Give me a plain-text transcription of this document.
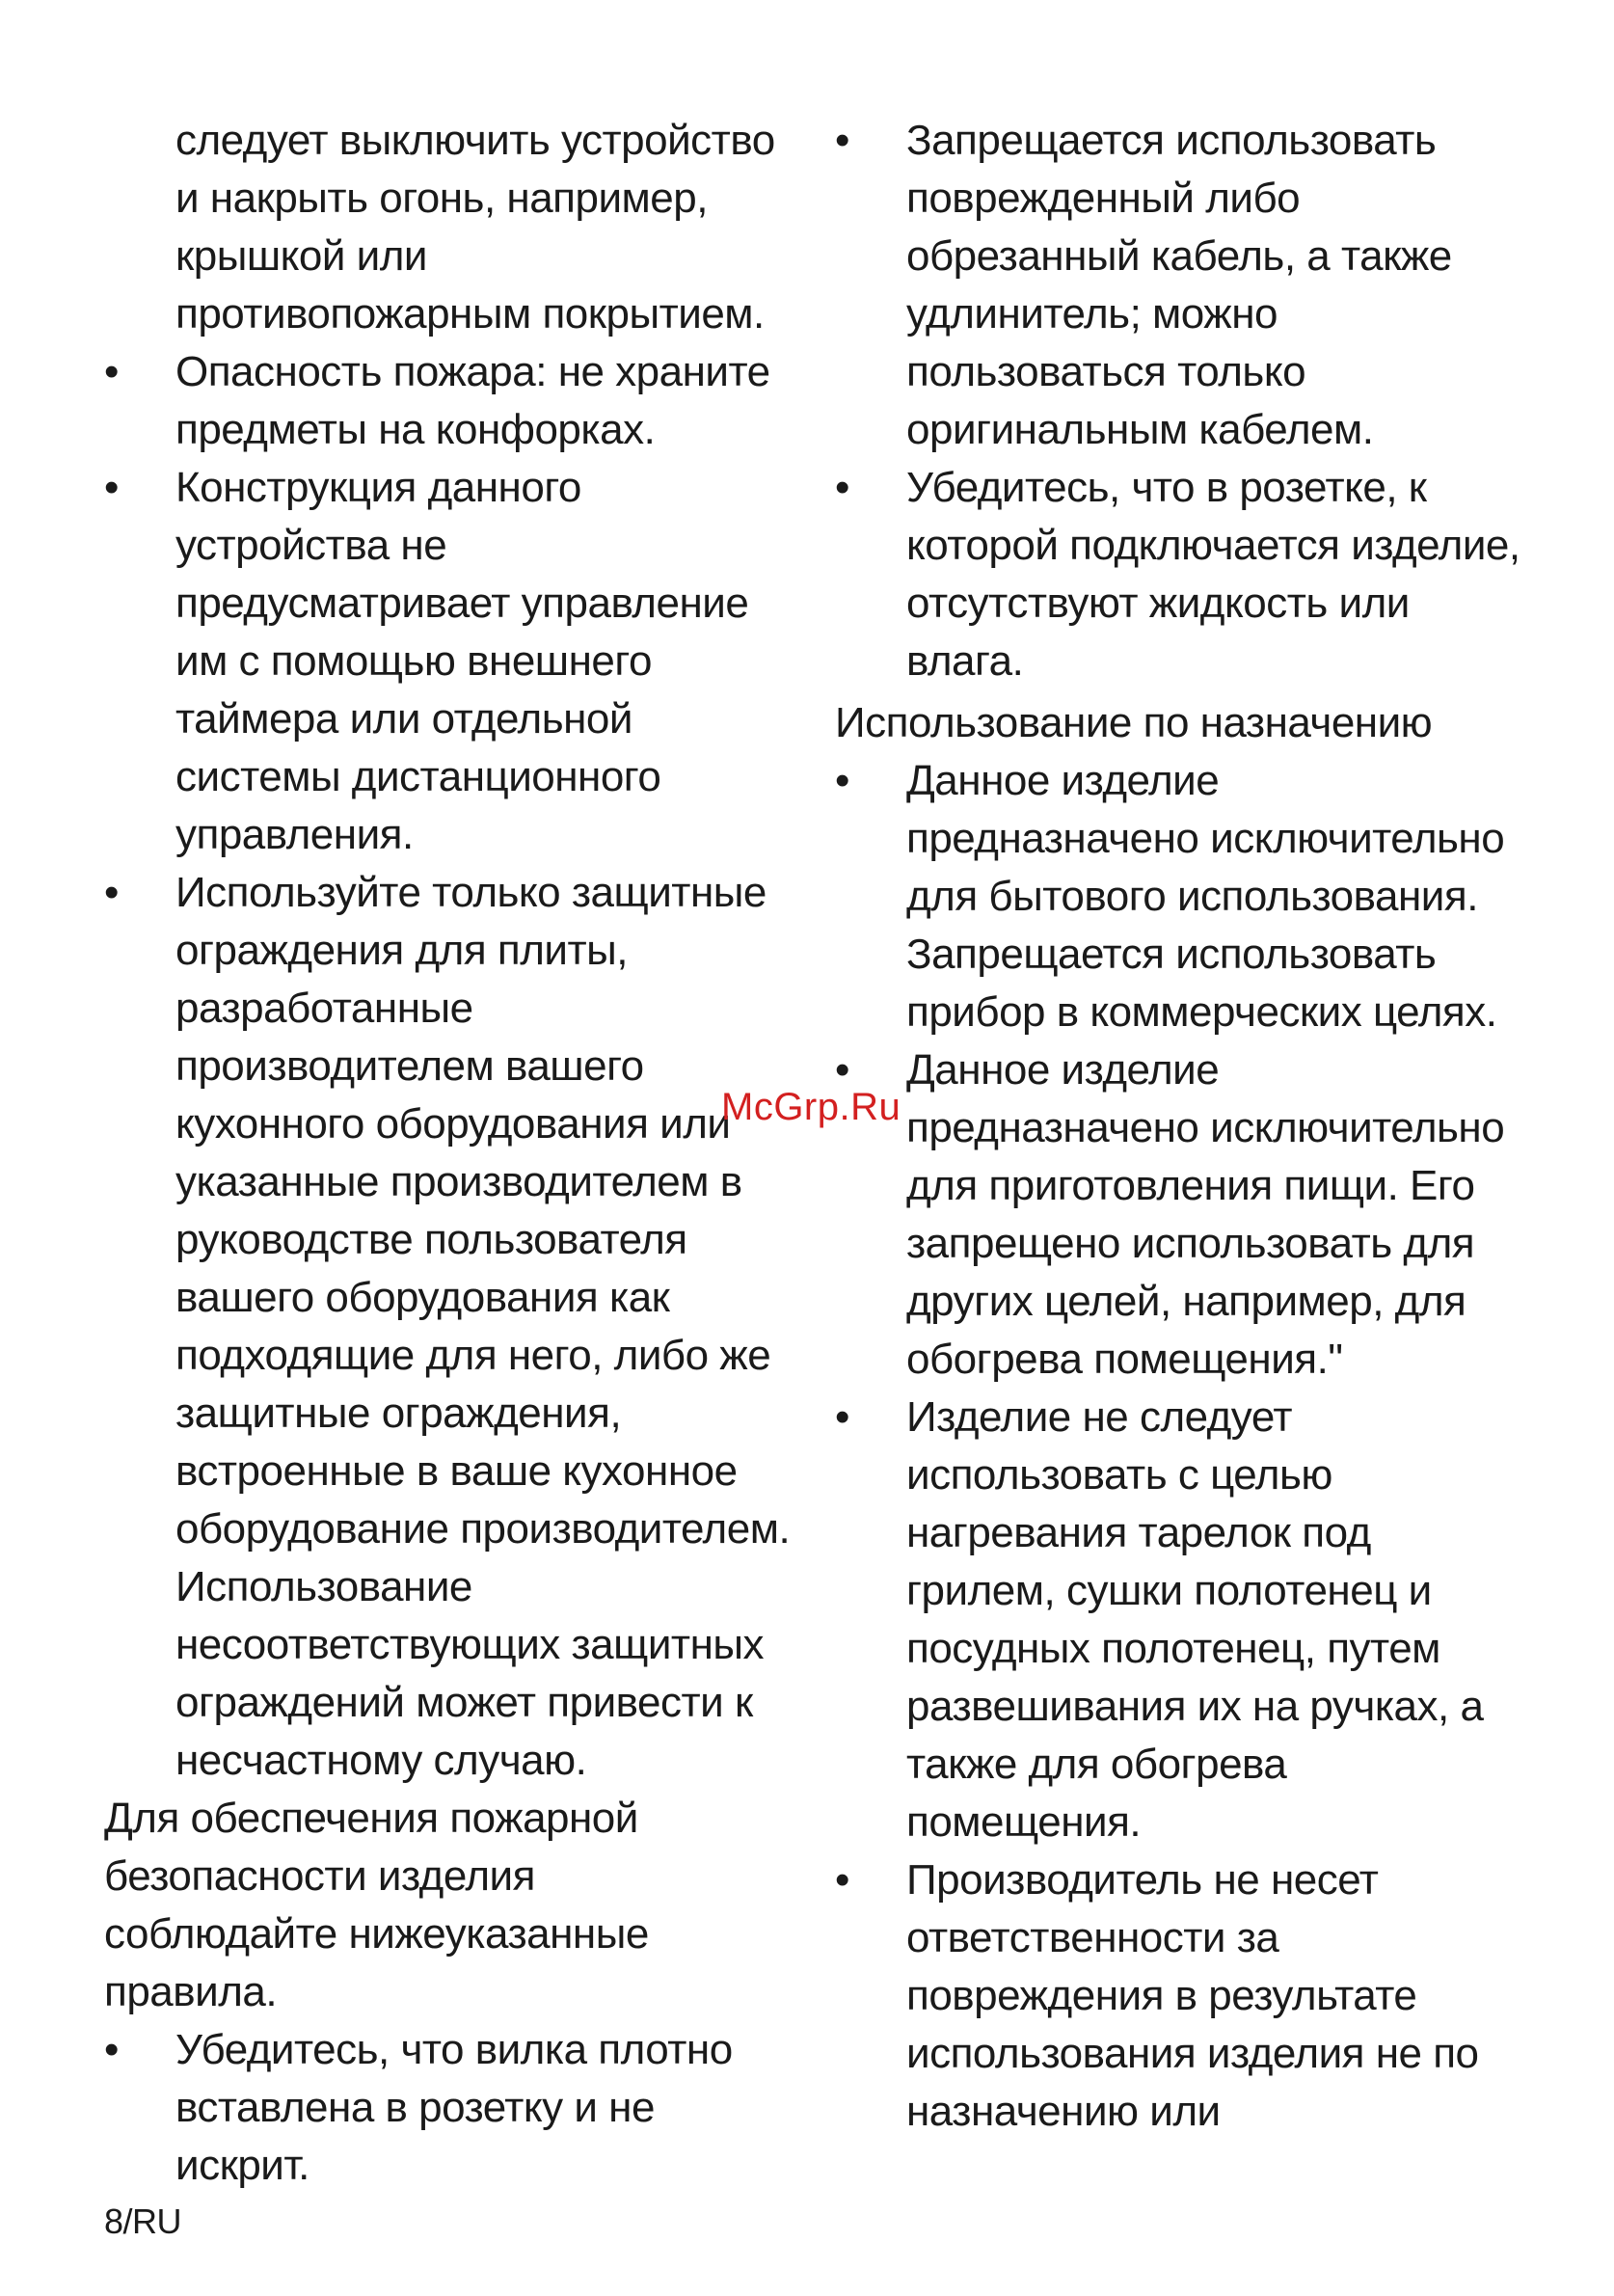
следует выключить устройство
и накрыть огонь, например,
крышкой или
противопожарным покрытием.
•	Опасность пожара: не храните
предметы на конфорках.
•	Конструкция данного
устройства не
предусматривает управление
им с помощью внешнего
таймера или отдельной
системы дистанционного
управления.
•	Используйте только защитные
ограждения для плиты,
разработанные
производителем вашего
кухонного оборудования или
указанные производителем в
руководстве пользователя
вашего оборудования как
подходящие для него, либо же
защитные ограждения,
встроенные в ваше кухонное
оборудование производителем.
Использование
несоответствующих защитных
ограждений может привести к
несчастному случаю.
Для обеспечения пожарной
безопасности изделия
соблюдайте нижеуказанные
правила.
•	Убедитесь, что вилка плотно
вставлена в розетку и не
искрит.
•	Запрещается использовать
поврежденный либо
обрезанный кабель, а также
удлинитель; можно
пользоваться только
оригинальным кабелем.
•	Убедитесь, что в розетке, к
которой подключается изделие,
отсутствуют жидкость или
влага.
Использование по назначению
•	Данное изделие
предназначено исключительно
для бытового использования.
Запрещается использовать
прибор в коммерческих целях.
•	Данное изделие
предназначено исключительно
для приготовления пищи. Его
запрещено использовать для
других целей, например, для
обогрева помещения."
•	Изделие не следует
использовать с целью
нагревания тарелок под
грилем, сушки полотенец и
посудных полотенец, путем
развешивания их на ручках, а
также для обогрева
помещения.
•	Производитель не несет
ответственности за
повреждения в результате
использования изделия не по
назначению или
McGrp.Ru
8/RU
